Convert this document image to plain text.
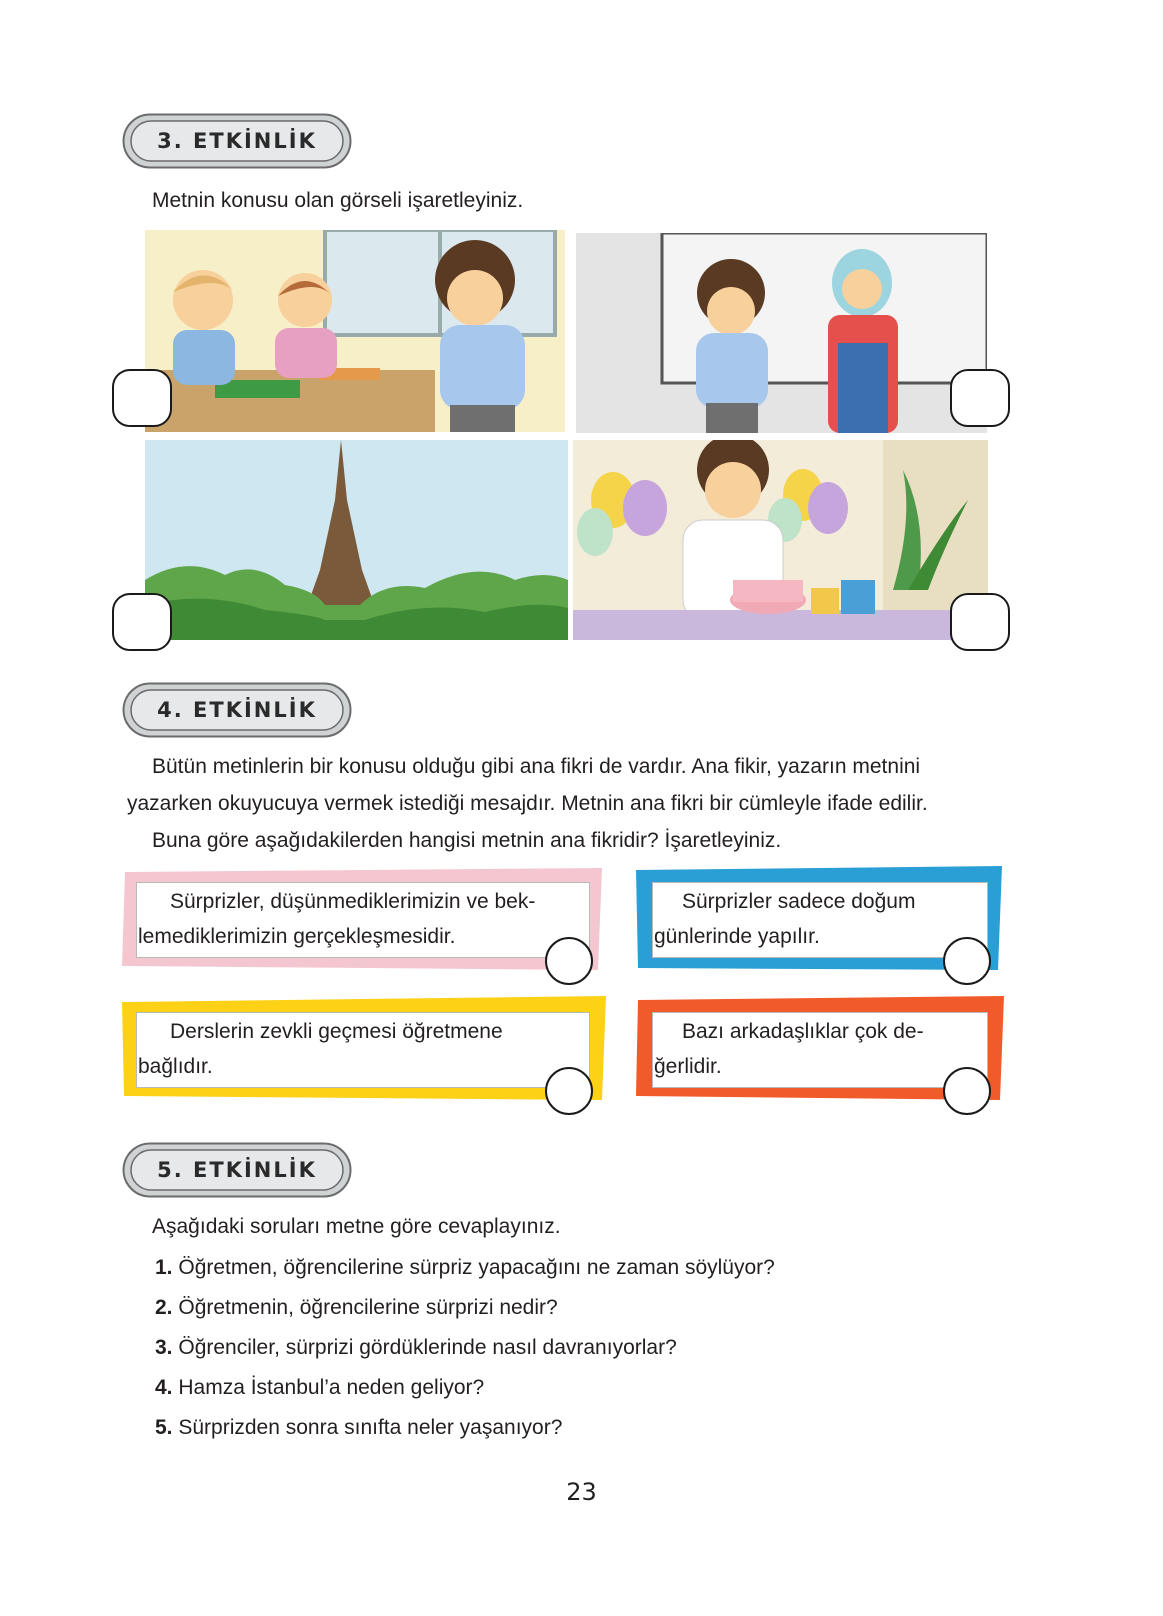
3. ETKİNLİK
Metnin konusu olan görseli işaretleyiniz.
4. ETKİNLİK
Bütün metinlerin bir konusu olduğu gibi ana fikri de vardır. Ana fikir, yazarın metnini
yazarken okuyucuya vermek istediği mesajdır. Metnin ana fikri bir cümleyle ifade edilir.
Buna göre aşağıdakilerden hangisi metnin ana fikridir? İşaretleyiniz.
Sürprizler, düşünmediklerimizin ve bek-
lemediklerimizin gerçekleşmesidir.
Sürprizler sadece doğum
günlerinde yapılır.
Derslerin zevkli geçmesi öğretmene
bağlıdır.
Bazı arkadaşlıklar çok de-
ğerlidir.
5. ETKİNLİK
Aşağıdaki soruları metne göre cevaplayınız.
1. Öğretmen, öğrencilerine sürpriz yapacağını ne zaman söylüyor?
2. Öğretmenin, öğrencilerine sürprizi nedir?
3. Öğrenciler, sürprizi gördüklerinde nasıl davranıyorlar?
4. Hamza İstanbul’a neden geliyor?
5. Sürprizden sonra sınıfta neler yaşanıyor?
23
